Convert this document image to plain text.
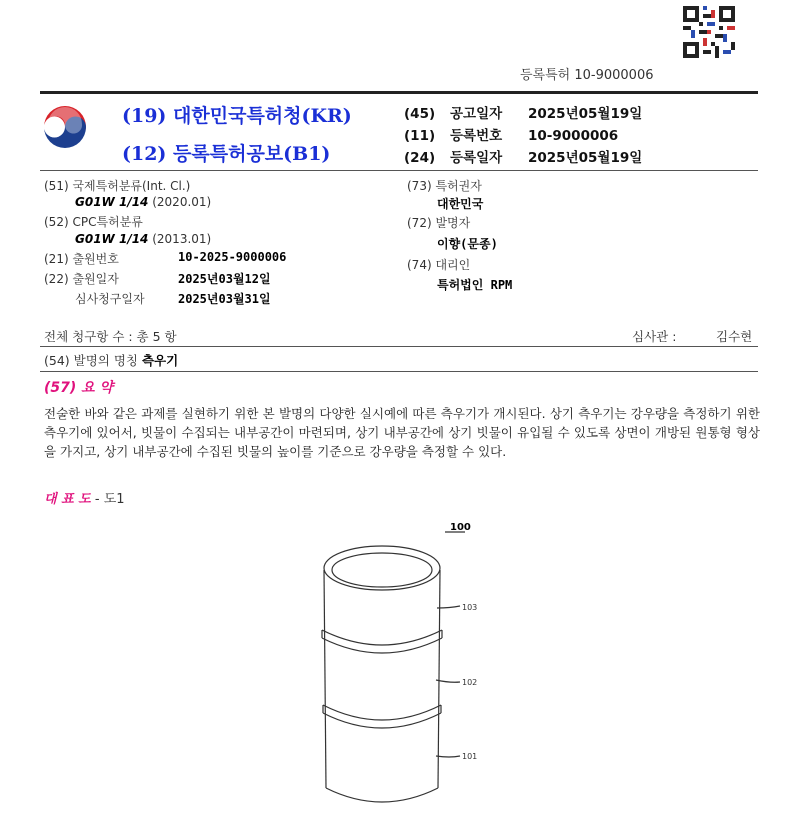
등록특허 10-9000006
(19) 대한민국특허청(KR)
(12) 등록특허공보(B1)
(45) 공고일자 2025년05월19일
(11) 등록번호 10-9000006
(24) 등록일자 2025년05월19일
(51) 국제특허분류(Int. Cl.)
G01W 1/14 (2020.01)
(52) CPC특허분류
G01W 1/14 (2013.01)
(21) 출원번호	10-2025-9000006
(22) 출원일자	2025년03월12일
심사청구일자	2025년03월31일
(73) 특허권자
대한민국
(72) 발명자
이향(문종)
(74) 대리인
특허법인 RPM
전체 청구항 수 : 총 5 항	심사관 :	김수현
(54) 발명의 명칭 측우기
(57) 요 약
전술한 바와 같은 과제를 실현하기 위한 본 발명의 다양한 실시예에 따른 측우기가 개시된다. 상기 측우기는 강우량을 측정하기 위한 측우기에 있어서, 빗물이 수집되는 내부공간이 마련되며, 상기 내부공간에 상기 빗물이 유입될 수 있도록 상면이 개방된 원통형 형상을 가지고, 상기 내부공간에 수집된 빗물의 높이를 기준으로 강우량을 측정할 수 있다.
대 표 도 - 도1
100
103
102
101
